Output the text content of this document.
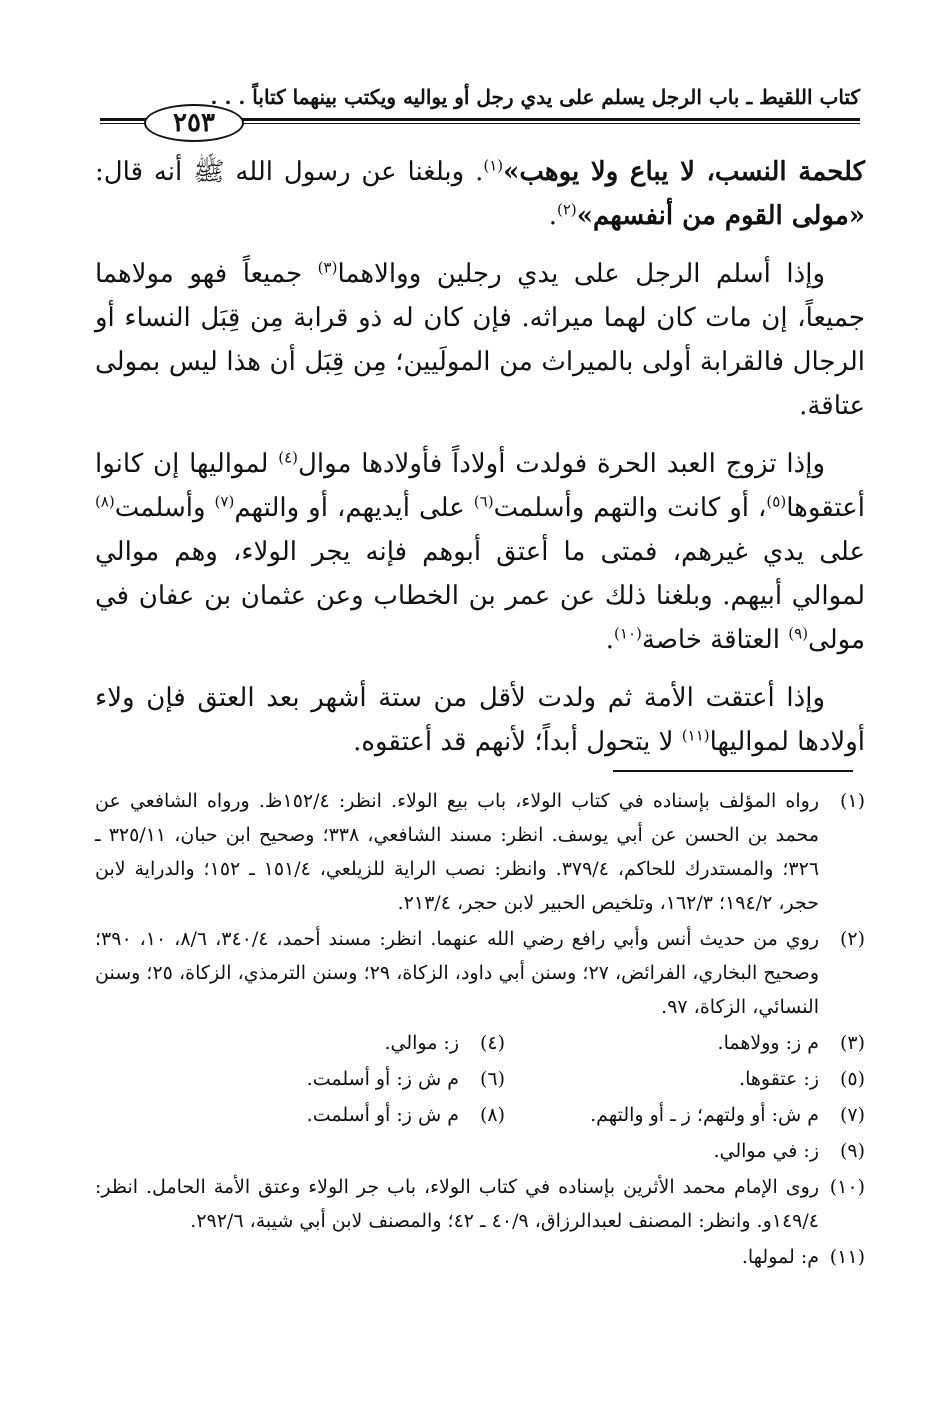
كتاب اللقيط ـ باب الرجل يسلم على يدي رجل أو يواليه ويكتب بينهما كتاباً . . .
٢٥٣

كلحمة النسب، لا يباع ولا يوهب»$^{(١)}$. وبلغنا عن رسول الله ﷺ أنه قال: «مولى القوم من أنفسهم»$^{(٢)}$.

وإذا أسلم الرجل على يدي رجلين ووالاهما$^{(٣)}$ جميعاً فهو مولاهما جميعاً، إن مات كان لهما ميراثه. فإن كان له ذو قرابة مِن قِبَل النساء أو الرجال فالقرابة أولى بالميراث من المولَيين؛ مِن قِبَل أن هذا ليس بمولى عتاقة.

وإذا تزوج العبد الحرة فولدت أولاداً فأولادها موال$^{(٤)}$ لمواليها إن كانوا أعتقوها$^{(٥)}$، أو كانت والتهم وأسلمت$^{(٦)}$ على أيديهم، أو والتهم$^{(٧)}$ وأسلمت$^{(٨)}$ على يدي غيرهم، فمتى ما أعتق أبوهم فإنه يجر الولاء، وهم موالي لموالي أبيهم. وبلغنا ذلك عن عمر بن الخطاب وعن عثمان بن عفان في مولى$^{(٩)}$ العتاقة خاصة$^{(١٠)}$.

وإذا أعتقت الأمة ثم ولدت لأقل من ستة أشهر بعد العتق فإن ولاء أولادها لمواليها$^{(١١)}$ لا يتحول أبداً؛ لأنهم قد أعتقوه.

(١)
رواه المؤلف بإسناده في كتاب الولاء، باب بيع الولاء. انظر: ١٥٢/٤ظ. ورواه الشافعي عن محمد بن الحسن عن أبي يوسف. انظر: مسند الشافعي، ٣٣٨؛ وصحيح ابن حبان، ٣٢٥/١١ ـ ٣٢٦؛ والمستدرك للحاكم، ٣٧٩/٤. وانظر: نصب الراية للزيلعي، ١٥١/٤ ـ ١٥٢؛ والدراية لابن حجر، ١٩٤/٢؛ ١٦٢/٣، وتلخيص الحبير لابن حجر، ٢١٣/٤.
(٢)
روي من حديث أنس وأبي رافع رضي الله عنهما. انظر: مسند أحمد، ٣٤٠/٤، ٨/٦، ١٠، ٣٩٠؛ وصحيح البخاري، الفرائض، ٢٧؛ وسنن أبي داود، الزكاة، ٢٩؛ وسنن الترمذي، الزكاة، ٢٥؛ وسنن النسائي، الزكاة، ٩٧.
(٣)
م ز: وولاهما.
(٤)
ز: موالي.
(٥)
ز: عتقوها.
(٦)
م ش ز: أو أسلمت.
(٧)
م ش: أو ولتهم؛ ز ـ أو والتهم.
(٨)
م ش ز: أو أسلمت.
(٩)
ز: في موالي.
(١٠)
روى الإمام محمد الأثرين بإسناده في كتاب الولاء، باب جر الولاء وعتق الأمة الحامل. انظر: ١٤٩/٤و. وانظر: المصنف لعبدالرزاق، ٤٠/٩ ـ ٤٢؛ والمصنف لابن أبي شيبة، ٢٩٢/٦.
(١١)
م: لمولها.
